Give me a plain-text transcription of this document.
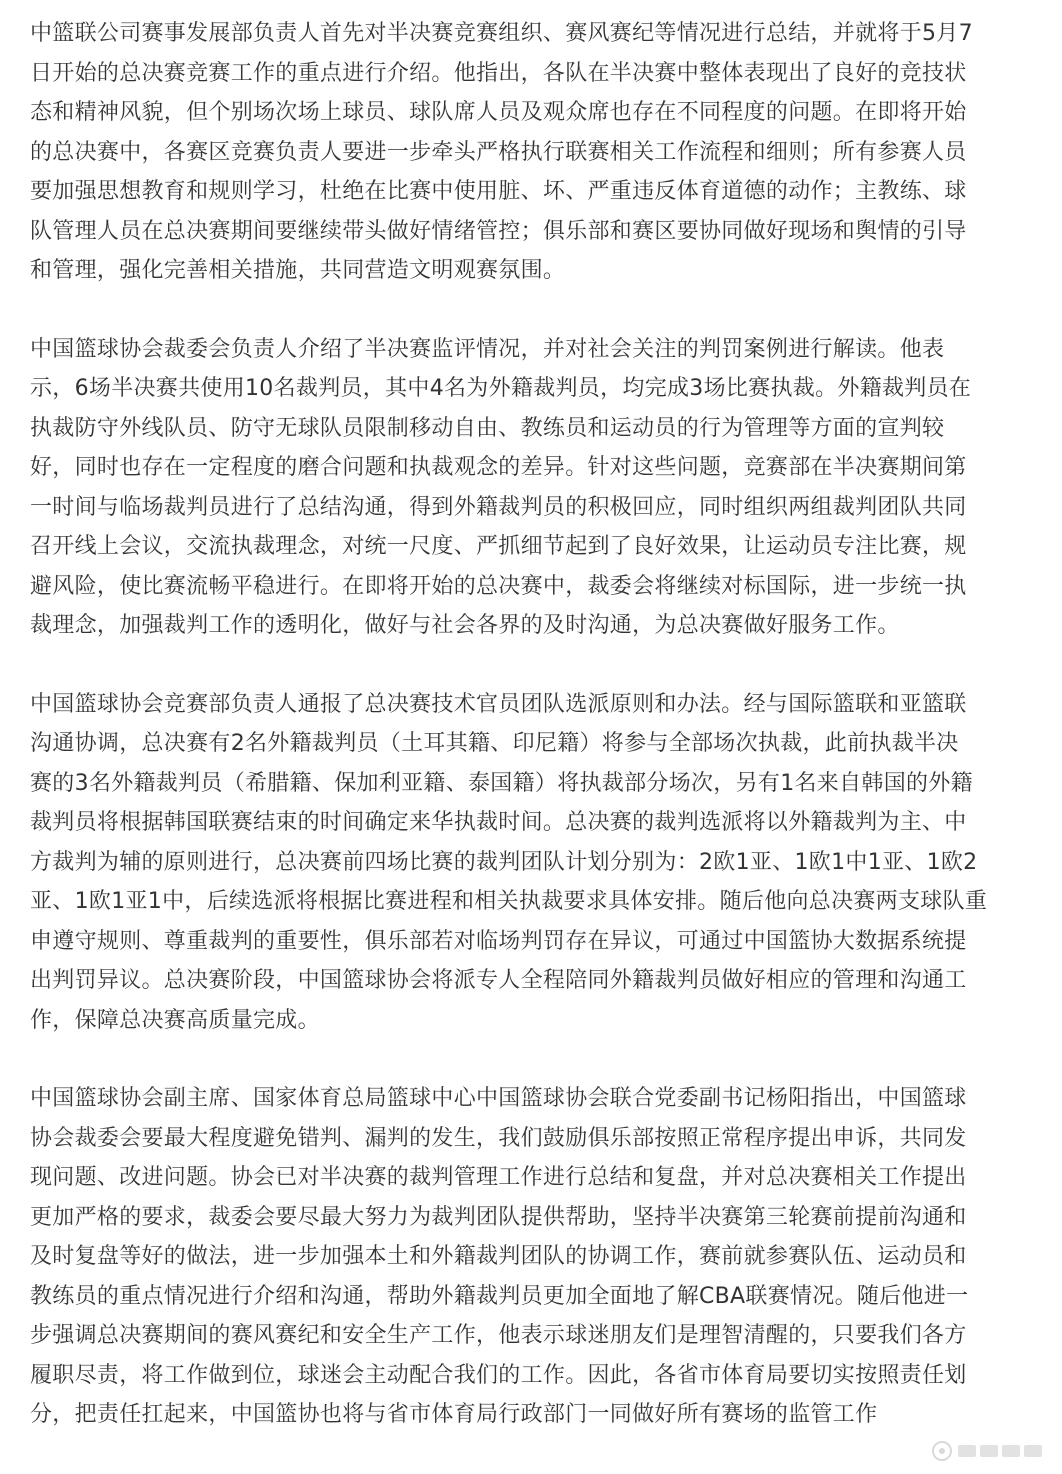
中篮联公司赛事发展部负责人首先对半决赛竞赛组织、赛风赛纪等情况进行总结，并就将于5月7
日开始的总决赛竞赛工作的重点进行介绍。他指出，各队在半决赛中整体表现出了良好的竞技状
态和精神风貌，但个别场次场上球员、球队席人员及观众席也存在不同程度的问题。在即将开始
的总决赛中，各赛区竞赛负责人要进一步牵头严格执行联赛相关工作流程和细则；所有参赛人员
要加强思想教育和规则学习，杜绝在比赛中使用脏、坏、严重违反体育道德的动作；主教练、球
队管理人员在总决赛期间要继续带头做好情绪管控；俱乐部和赛区要协同做好现场和舆情的引导
和管理，强化完善相关措施，共同营造文明观赛氛围。

中国篮球协会裁委会负责人介绍了半决赛监评情况，并对社会关注的判罚案例进行解读。他表
示，6场半决赛共使用10名裁判员，其中4名为外籍裁判员，均完成3场比赛执裁。外籍裁判员在
执裁防守外线队员、防守无球队员限制移动自由、教练员和运动员的行为管理等方面的宣判较
好，同时也存在一定程度的磨合问题和执裁观念的差异。针对这些问题，竞赛部在半决赛期间第
一时间与临场裁判员进行了总结沟通，得到外籍裁判员的积极回应，同时组织两组裁判团队共同
召开线上会议，交流执裁理念，对统一尺度、严抓细节起到了良好效果，让运动员专注比赛，规
避风险，使比赛流畅平稳进行。在即将开始的总决赛中，裁委会将继续对标国际，进一步统一执
裁理念，加强裁判工作的透明化，做好与社会各界的及时沟通，为总决赛做好服务工作。

中国篮球协会竞赛部负责人通报了总决赛技术官员团队选派原则和办法。经与国际篮联和亚篮联
沟通协调，总决赛有2名外籍裁判员（土耳其籍、印尼籍）将参与全部场次执裁，此前执裁半决
赛的3名外籍裁判员（希腊籍、保加利亚籍、泰国籍）将执裁部分场次，另有1名来自韩国的外籍
裁判员将根据韩国联赛结束的时间确定来华执裁时间。总决赛的裁判选派将以外籍裁判为主、中
方裁判为辅的原则进行，总决赛前四场比赛的裁判团队计划分别为：2欧1亚、1欧1中1亚、1欧2
亚、1欧1亚1中，后续选派将根据比赛进程和相关执裁要求具体安排。随后他向总决赛两支球队重
申遵守规则、尊重裁判的重要性，俱乐部若对临场判罚存在异议，可通过中国篮协大数据系统提
出判罚异议。总决赛阶段，中国篮球协会将派专人全程陪同外籍裁判员做好相应的管理和沟通工
作，保障总决赛高质量完成。

中国篮球协会副主席、国家体育总局篮球中心中国篮球协会联合党委副书记杨阳指出，中国篮球
协会裁委会要最大程度避免错判、漏判的发生，我们鼓励俱乐部按照正常程序提出申诉，共同发
现问题、改进问题。协会已对半决赛的裁判管理工作进行总结和复盘，并对总决赛相关工作提出
更加严格的要求，裁委会要尽最大努力为裁判团队提供帮助，坚持半决赛第三轮赛前提前沟通和
及时复盘等好的做法，进一步加强本土和外籍裁判团队的协调工作，赛前就参赛队伍、运动员和
教练员的重点情况进行介绍和沟通，帮助外籍裁判员更加全面地了解CBA联赛情况。随后他进一
步强调总决赛期间的赛风赛纪和安全生产工作，他表示球迷朋友们是理智清醒的，只要我们各方
履职尽责，将工作做到位，球迷会主动配合我们的工作。因此，各省市体育局要切实按照责任划
分，把责任扛起来，中国篮协也将与省市体育局行政部门一同做好所有赛场的监管工作
